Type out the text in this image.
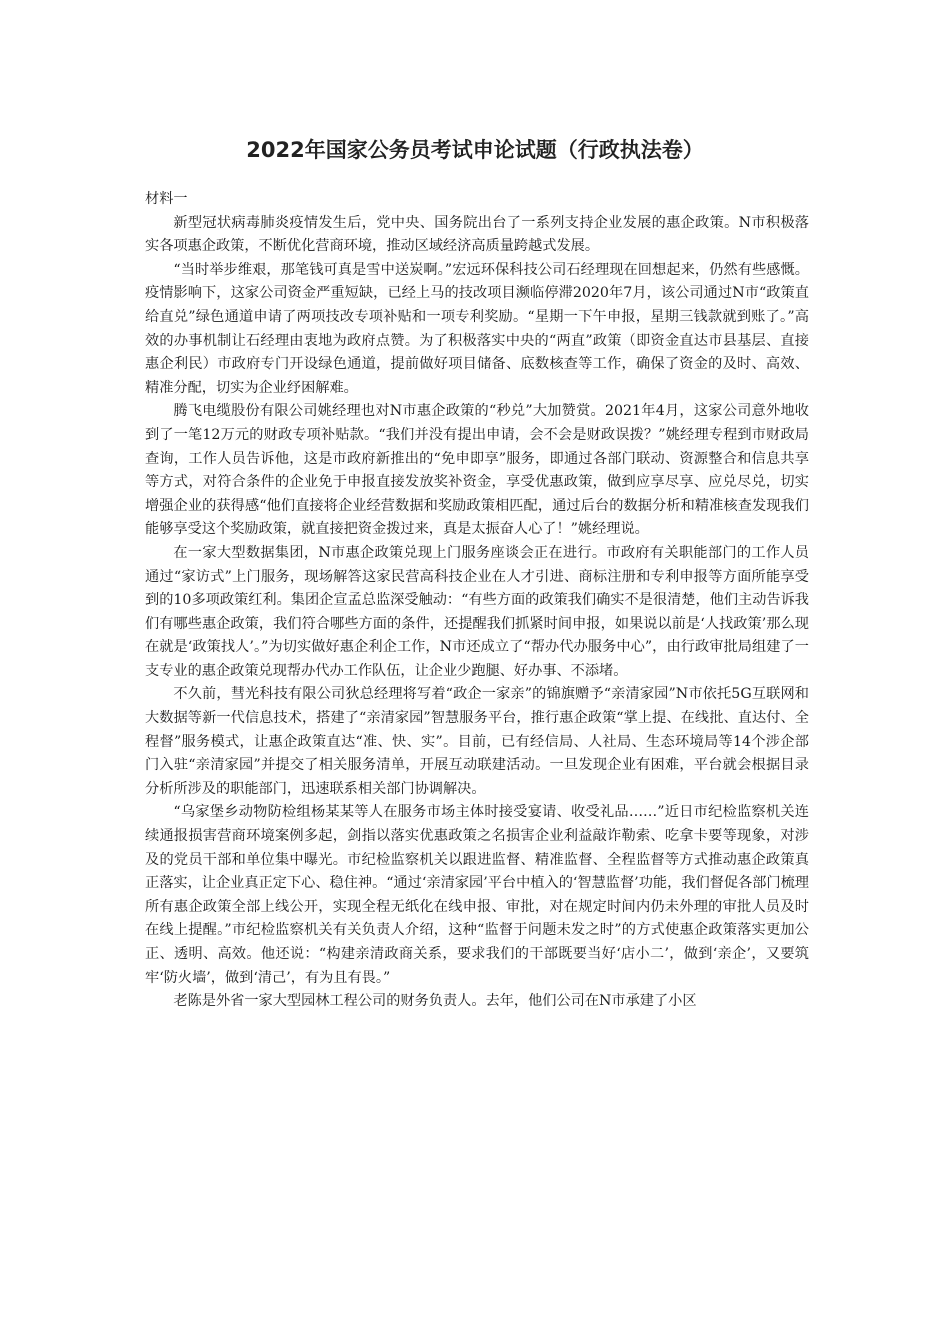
2022年国家公务员考试申论试题（行政执法卷）

材料一

新型冠状病毒肺炎疫情发生后，党中央、国务院出台了一系列支持企业发展的惠企政策。N市积极落实各项惠企政策，不断优化营商环境，推动区域经济高质量跨越式发展。

“当时举步维艰，那笔钱可真是雪中送炭啊。”宏远环保科技公司石经理现在回想起来，仍然有些感慨。疫情影响下，这家公司资金严重短缺，已经上马的技改项目濒临停滞2020年7月，该公司通过N市“政策直给直兑”绿色通道申请了两项技改专项补贴和一项专利奖励。“星期一下午申报，星期三钱款就到账了。”高效的办事机制让石经理由衷地为政府点赞。为了积极落实中央的“两直”政策（即资金直达市县基层、直接惠企利民）市政府专门开设绿色通道，提前做好项目储备、底数核查等工作，确保了资金的及时、高效、精准分配，切实为企业纾困解难。

腾飞电缆股份有限公司姚经理也对N市惠企政策的“秒兑”大加赞赏。2021年4月，这家公司意外地收到了一笔12万元的财政专项补贴款。“我们并没有提出申请，会不会是财政误拨？”姚经理专程到市财政局查询，工作人员告诉他，这是市政府新推出的“免申即享”服务，即通过各部门联动、资源整合和信息共享等方式，对符合条件的企业免于申报直接发放奖补资金，享受优惠政策，做到应享尽享、应兑尽兑，切实增强企业的获得感“他们直接将企业经营数据和奖励政策相匹配，通过后台的数据分析和精准核查发现我们能够享受这个奖励政策，就直接把资金拨过来，真是太振奋人心了！”姚经理说。

在一家大型数据集团，N市惠企政策兑现上门服务座谈会正在进行。市政府有关职能部门的工作人员通过“家访式”上门服务，现场解答这家民营高科技企业在人才引进、商标注册和专利申报等方面所能享受到的10多项政策红利。集团企宣孟总监深受触动：“有些方面的政策我们确实不是很清楚，他们主动告诉我们有哪些惠企政策，我们符合哪些方面的条件，还提醒我们抓紧时间申报，如果说以前是‘人找政策’那么现在就是‘政策找人’。”为切实做好惠企利企工作，N市还成立了“帮办代办服务中心”，由行政审批局组建了一支专业的惠企政策兑现帮办代办工作队伍，让企业少跑腿、好办事、不添堵。

不久前，彗光科技有限公司狄总经理将写着“政企一家亲”的锦旗赠予“亲清家园”N市依托5G互联网和大数据等新一代信息技术，搭建了“亲清家园”智慧服务平台，推行惠企政策“掌上提、在线批、直达付、全程督”服务模式，让惠企政策直达“准、快、实”。目前，已有经信局、人社局、生态环境局等14个涉企部门入驻“亲清家园”并提交了相关服务清单，开展互动联建活动。一旦发现企业有困难，平台就会根据目录分析所涉及的职能部门，迅速联系相关部门协调解决。

“乌家堡乡动物防检组杨某某等人在服务市场主体时接受宴请、收受礼品……”近日市纪检监察机关连续通报损害营商环境案例多起，剑指以落实优惠政策之名损害企业利益敲诈勒索、吃拿卡要等现象，对涉及的党员干部和单位集中曝光。市纪检监察机关以跟进监督、精准监督、全程监督等方式推动惠企政策真正落实，让企业真正定下心、稳住神。“通过‘亲清家园’平台中植入的‘智慧监督’功能，我们督促各部门梳理所有惠企政策全部上线公开，实现全程无纸化在线申报、审批，对在规定时间内仍未外理的审批人员及时在线上提醒。”市纪检监察机关有关负责人介绍，这种“监督于问题未发之时”的方式使惠企政策落实更加公正、透明、高效。他还说：“构建亲清政商关系，要求我们的干部既要当好‘店小二’，做到‘亲企’，又要筑牢‘防火墙’，做到‘清己’，有为且有畏。”

老陈是外省一家大型园林工程公司的财务负责人。去年，他们公司在N市承建了小区
